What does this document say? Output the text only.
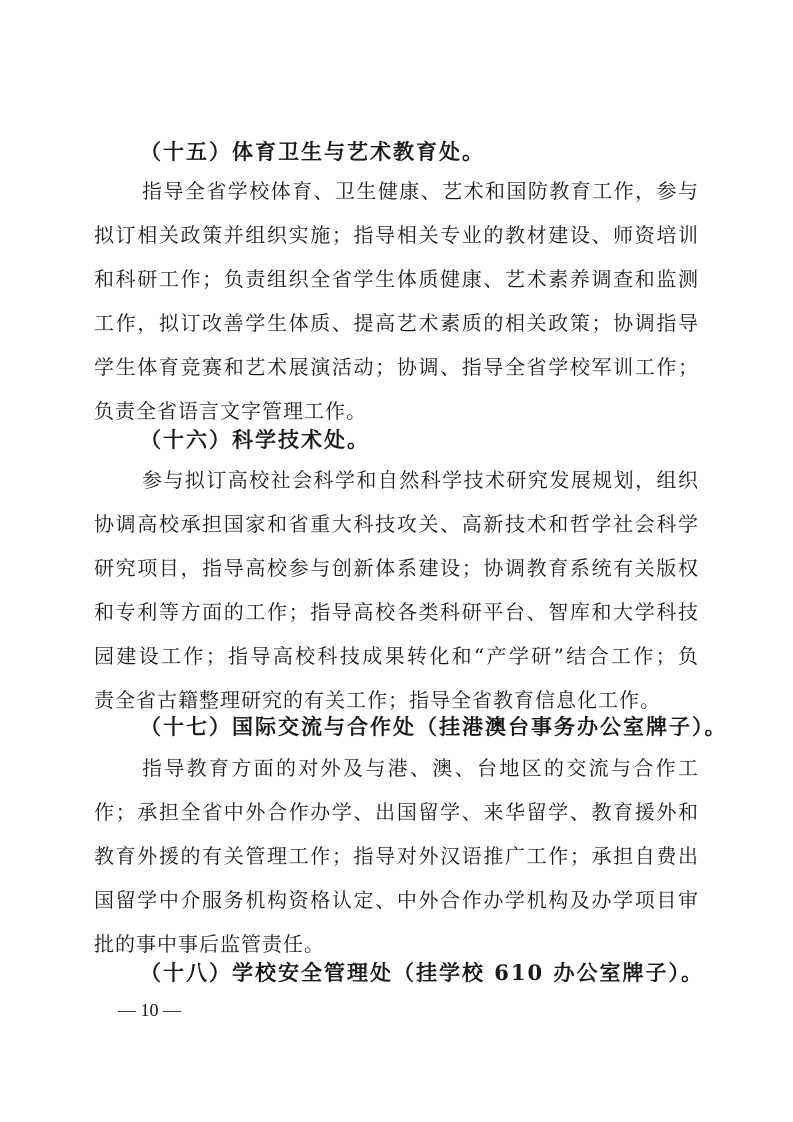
（十五）体育卫生与艺术教育处。
指导全省学校体育、卫生健康、艺术和国防教育工作，参与
拟订相关政策并组织实施；指导相关专业的教材建设、师资培训
和科研工作；负责组织全省学生体质健康、艺术素养调查和监测
工作，拟订改善学生体质、提高艺术素质的相关政策；协调指导
学生体育竞赛和艺术展演活动；协调、指导全省学校军训工作；
负责全省语言文字管理工作。
（十六）科学技术处。
参与拟订高校社会科学和自然科学技术研究发展规划，组织
协调高校承担国家和省重大科技攻关、高新技术和哲学社会科学
研究项目，指导高校参与创新体系建设；协调教育系统有关版权
和专利等方面的工作；指导高校各类科研平台、智库和大学科技
园建设工作；指导高校科技成果转化和“产学研”结合工作；负
责全省古籍整理研究的有关工作；指导全省教育信息化工作。
（十七）国际交流与合作处（挂港澳台事务办公室牌子）。
指导教育方面的对外及与港、澳、台地区的交流与合作工
作；承担全省中外合作办学、出国留学、来华留学、教育援外和
教育外援的有关管理工作；指导对外汉语推广工作；承担自费出
国留学中介服务机构资格认定、中外合作办学机构及办学项目审
批的事中事后监管责任。
（十八）学校安全管理处（挂学校 610 办公室牌子）。
— 10 —
